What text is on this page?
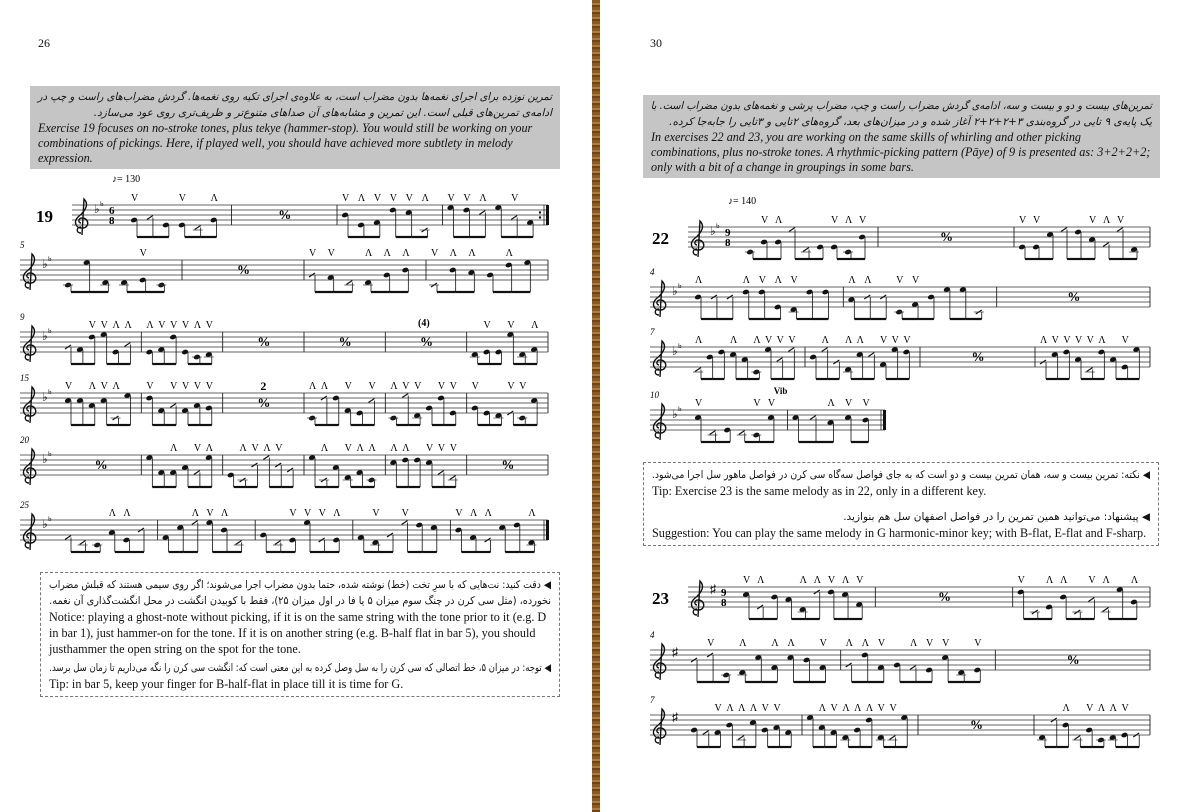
26
تمرین نوزده برای اجرای نغمه‌ها بدون مضراب است، به علاوه‌ی اجرای تکیه روی نغمه‌ها. گردش مضراب‌های راست و چپ در
ادامه‌ی تمرین‌های قبلی است. این تمرین و مشابه‌های آن صداهای متنوع‌تر و ظریف‌تری روی عود می‌سازد.
Exercise 19 focuses on no-stroke tones, plus tekye (hammer-stop). You would still be working on your combinations of pickings. Here, if played well, you should have achieved more subtlety in melody expression.
◀ دقت کنید: نت‌هایی که با سرِ تخت (خط) نوشته شده، حتما بدون مضراب اجرا می‌شوند؛ اگر روی سیمی هستند که قبلش مضراب
نخورده، (مثل سی کرن در چنگ سوم میزان ۵ یا فا در اول میزان ۲۵)، فقط با کوبیدن انگشت در محل انگشت‌گذاری آن نغمه.
Notice: playing a ghost-note without picking, if it is on the same string with the tone prior to it (e.g. D in bar 1), just hammer-on for the tone. If it is on another string (e.g. B-half flat in bar 5), you should justhammer the open string on the spot for the tone.
◀ توجه: در میزان ۵، خط اتصالی که سی کرن را به سل وصل کرده به این معنی است که: انگشت سی کرن را نگه می‌داریم تا زمان سل برسد.
Tip: in bar 5, keep your finger for B-half-flat in place till it is time for G.
♭ ᵇ 6
8
19
♪= 130
V	V Λ
%
V Λ V V V Λ V V Λ V
♭ ᵇ
5
V
%
V V	Λ Λ Λ V Λ Λ	Λ
♭ ᵇ
9
V V Λ Λ Λ V V V Λ V
%	%	%
(4)	V V Λ
♭ ᵇ
15
V Λ V Λ	V V V V V
%
2	Λ Λ V V Λ V V V V V	V V
♭ ᵇ
20
%
Λ V Λ	Λ V Λ V	Λ V Λ Λ Λ Λ V V V
%
♭ ᵇ
25
Λ Λ	Λ V Λ	V V V Λ	V V	V Λ Λ	Λ
30
تمرین‌های بیست و دو و بیست و سه، ادامه‌ی گردش مضراب راست و چپ، مضراب پرشی و نغمه‌های بدون مضراب است. با
یک پایه‌ی ۹ تایی در گروه‌بندی ۳+۲+۲+۲ آغاز شده و در میزان‌های بعد، گروه‌های ۲تایی و ۳تایی را جابه‌جا کرده.
In exercises 22 and 23, you are working on the same skills of whirling and other picking combinations, plus no-stroke tones. A rhythmic-picking pattern (Pāye) of 9 is presented as: 3+2+2+2; only with a bit of a change in groupings in some bars.
◀ نکته: تمرین بیست و سه، همان تمرین بیست و دو است که به جای فواصل سه‌گاه سی کرن در فواصل ماهور سل اجرا می‌شود.
Tip: Exercise 23 is the same melody as in 22, only in a different key.
◀ پیشنهاد: می‌توانید همین تمرین را در فواصل اصفهان سل هم بنوازید.
Suggestion: You can play the same melody in G harmonic-minor key; with B-flat, E-flat and F-sharp.
♭ ᵇ 9
8
22
♪= 140
V Λ	V Λ V
%
V V	V Λ V
♭ ᵇ
4
Λ	Λ V Λ V	Λ Λ V V
%
♭ ᵇ
7
Λ	Λ Λ V V V	Λ Λ Λ V V V
%
Λ V V V V Λ V
♭ ᵇ
10
V	V V	Λ V V
Vib
♯ 9
8
23
V Λ	Λ Λ V Λ V
%
V Λ Λ V Λ Λ
♯
4
V Λ Λ Λ V Λ Λ V Λ V V V
%
♯
7
V Λ Λ Λ V V	Λ V Λ Λ Λ V V
%
Λ V Λ Λ V
